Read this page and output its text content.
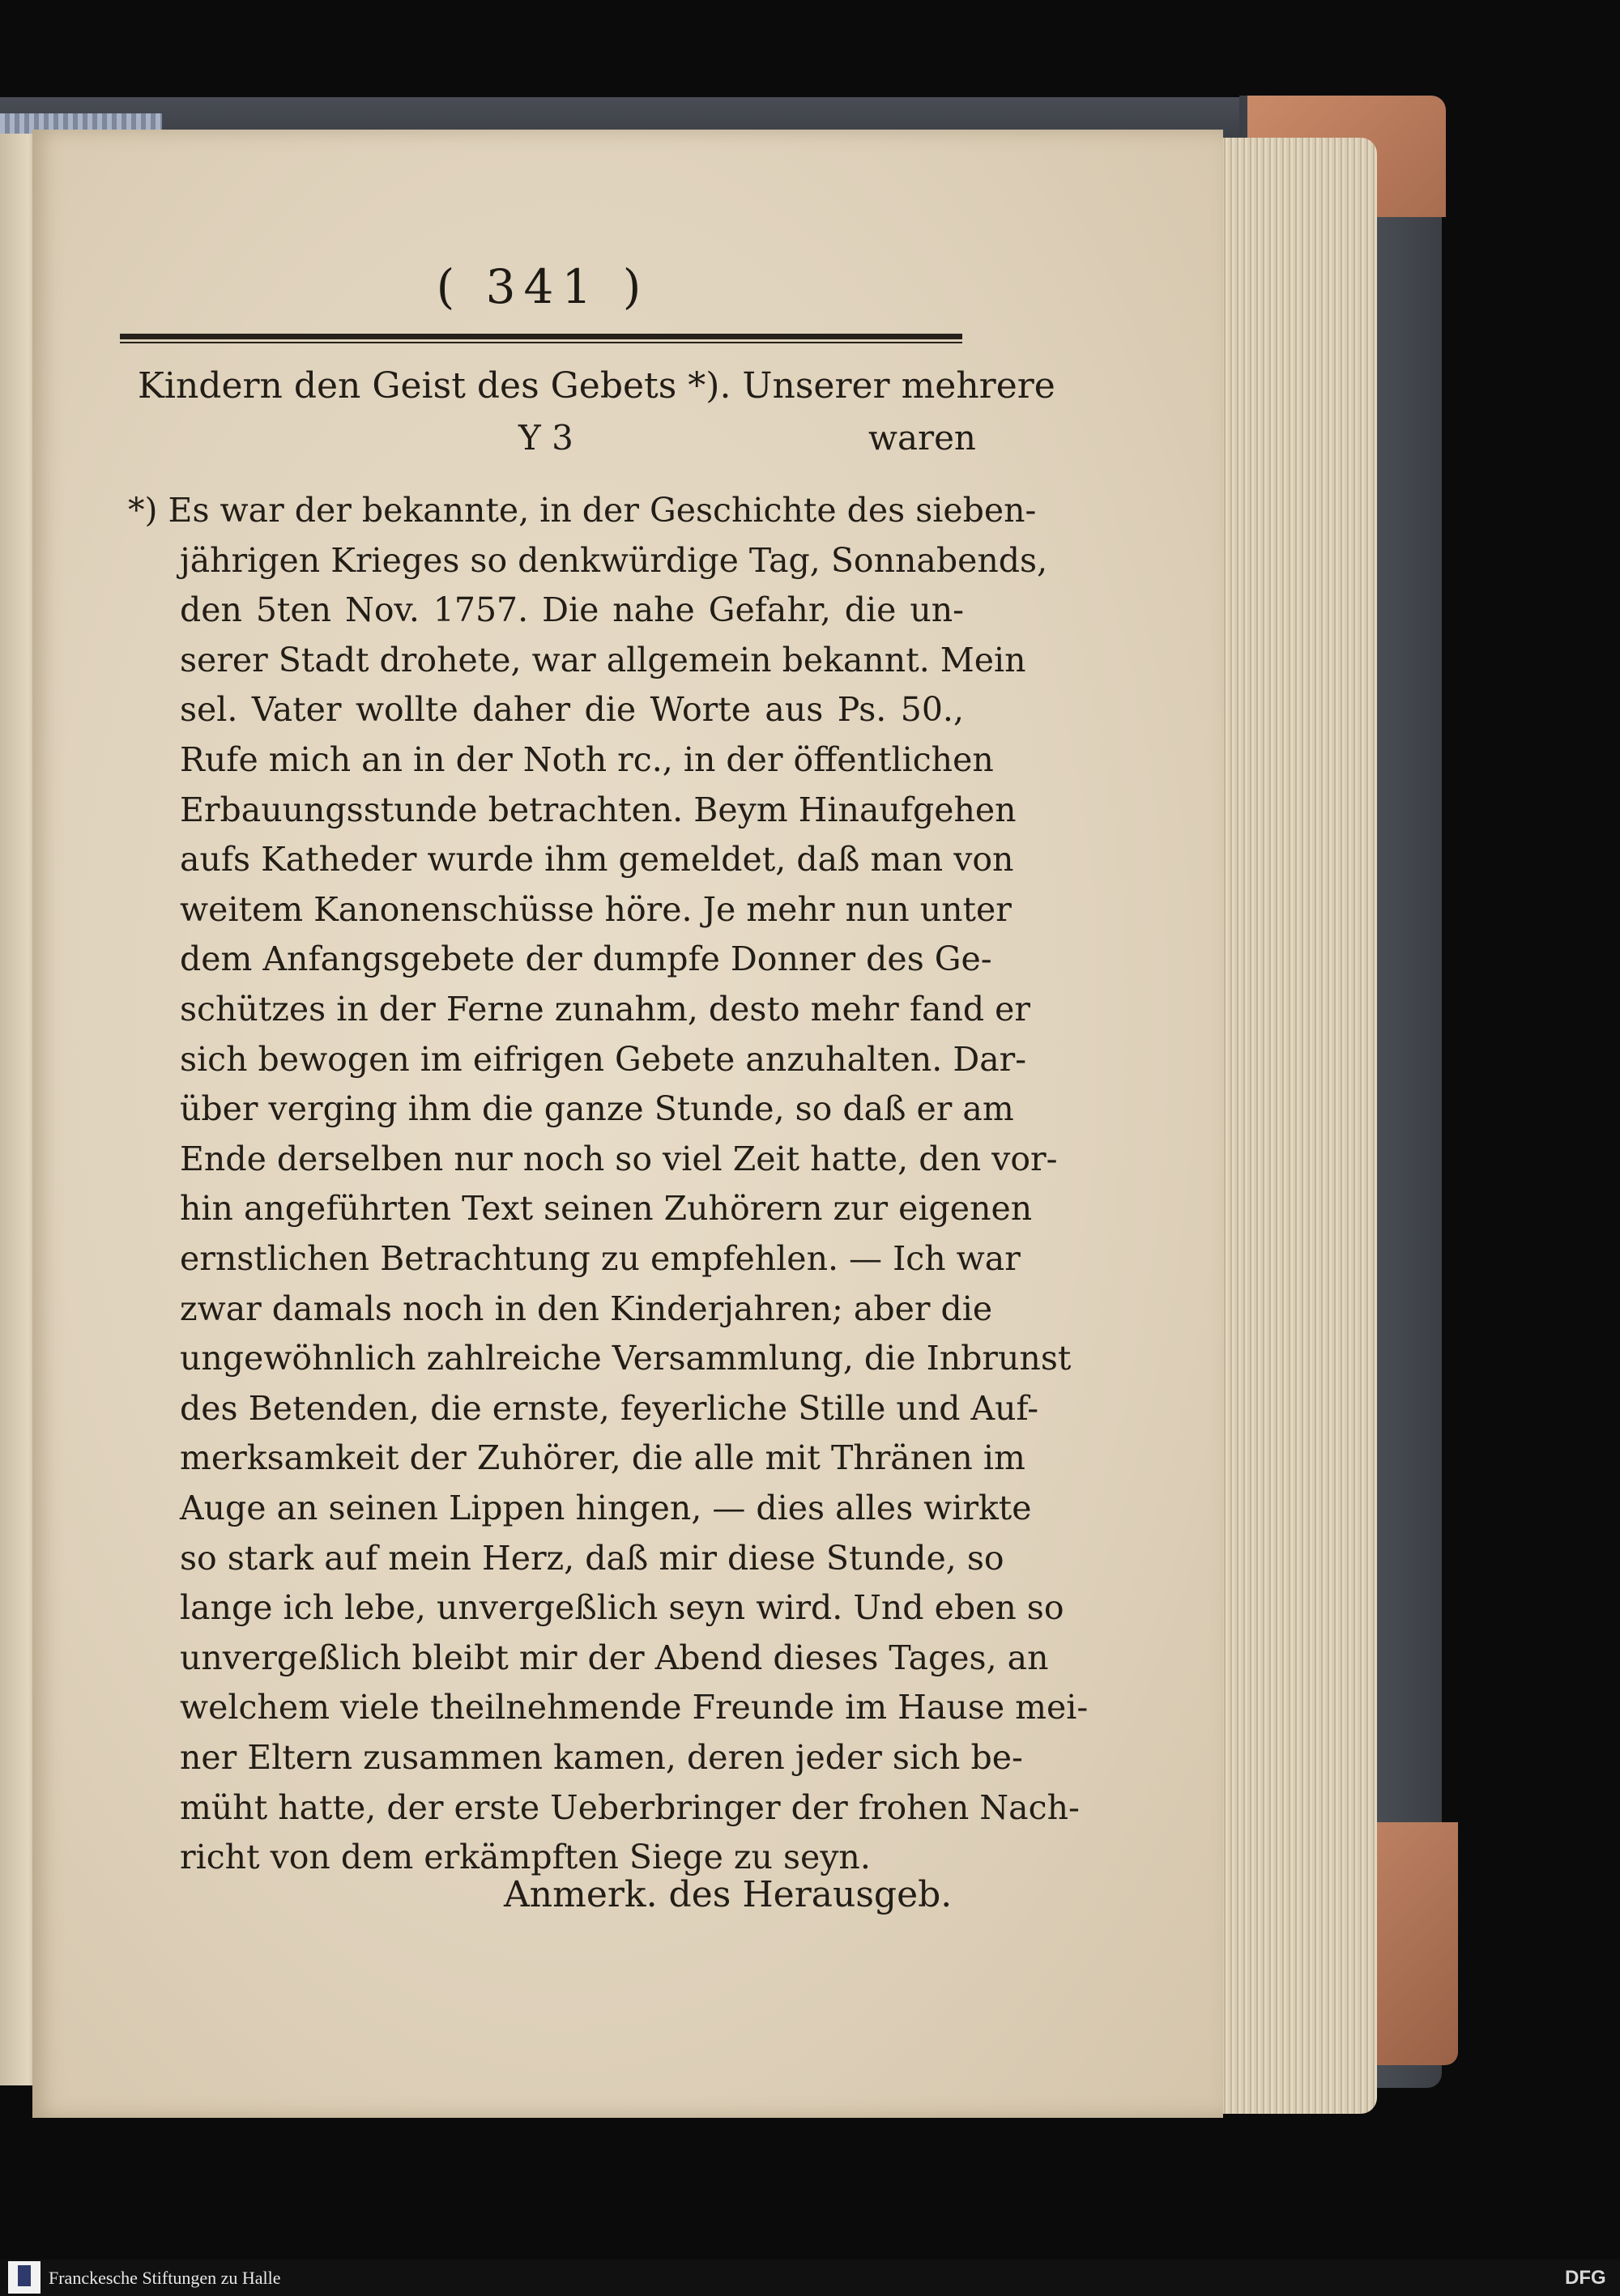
( 341 )
Kindern den Geist des Gebets *). Unserer mehrere
Y 3	waren
*) Es war der bekannte, in der Geschichte des sieben-
jährigen Krieges so denkwürdige Tag, Sonnabends,
den 5ten Nov. 1757. Die nahe Gefahr, die un-
serer Stadt drohete, war allgemein bekannt. Mein
sel. Vater wollte daher die Worte aus Ps. 50.,
Rufe mich an in der Noth rc., in der öffentlichen
Erbauungsstunde betrachten. Beym Hinaufgehen
aufs Katheder wurde ihm gemeldet, daß man von
weitem Kanonenschüsse höre. Je mehr nun unter
dem Anfangsgebete der dumpfe Donner des Ge-
schützes in der Ferne zunahm, desto mehr fand er
sich bewogen im eifrigen Gebete anzuhalten. Dar-
über verging ihm die ganze Stunde, so daß er am
Ende derselben nur noch so viel Zeit hatte, den vor-
hin angeführten Text seinen Zuhörern zur eigenen
ernstlichen Betrachtung zu empfehlen. — Ich war
zwar damals noch in den Kinderjahren; aber die
ungewöhnlich zahlreiche Versammlung, die Inbrunst
des Betenden, die ernste, feyerliche Stille und Auf-
merksamkeit der Zuhörer, die alle mit Thränen im
Auge an seinen Lippen hingen, — dies alles wirkte
so stark auf mein Herz, daß mir diese Stunde, so
lange ich lebe, unvergeßlich seyn wird. Und eben so
unvergeßlich bleibt mir der Abend dieses Tages, an
welchem viele theilnehmende Freunde im Hause mei-
ner Eltern zusammen kamen, deren jeder sich be-
müht hatte, der erste Ueberbringer der frohen Nach-
richt von dem erkämpften Siege zu seyn.
Anmerk. des Herausgeb.
Franckesche Stiftungen zu Halle	DFG
